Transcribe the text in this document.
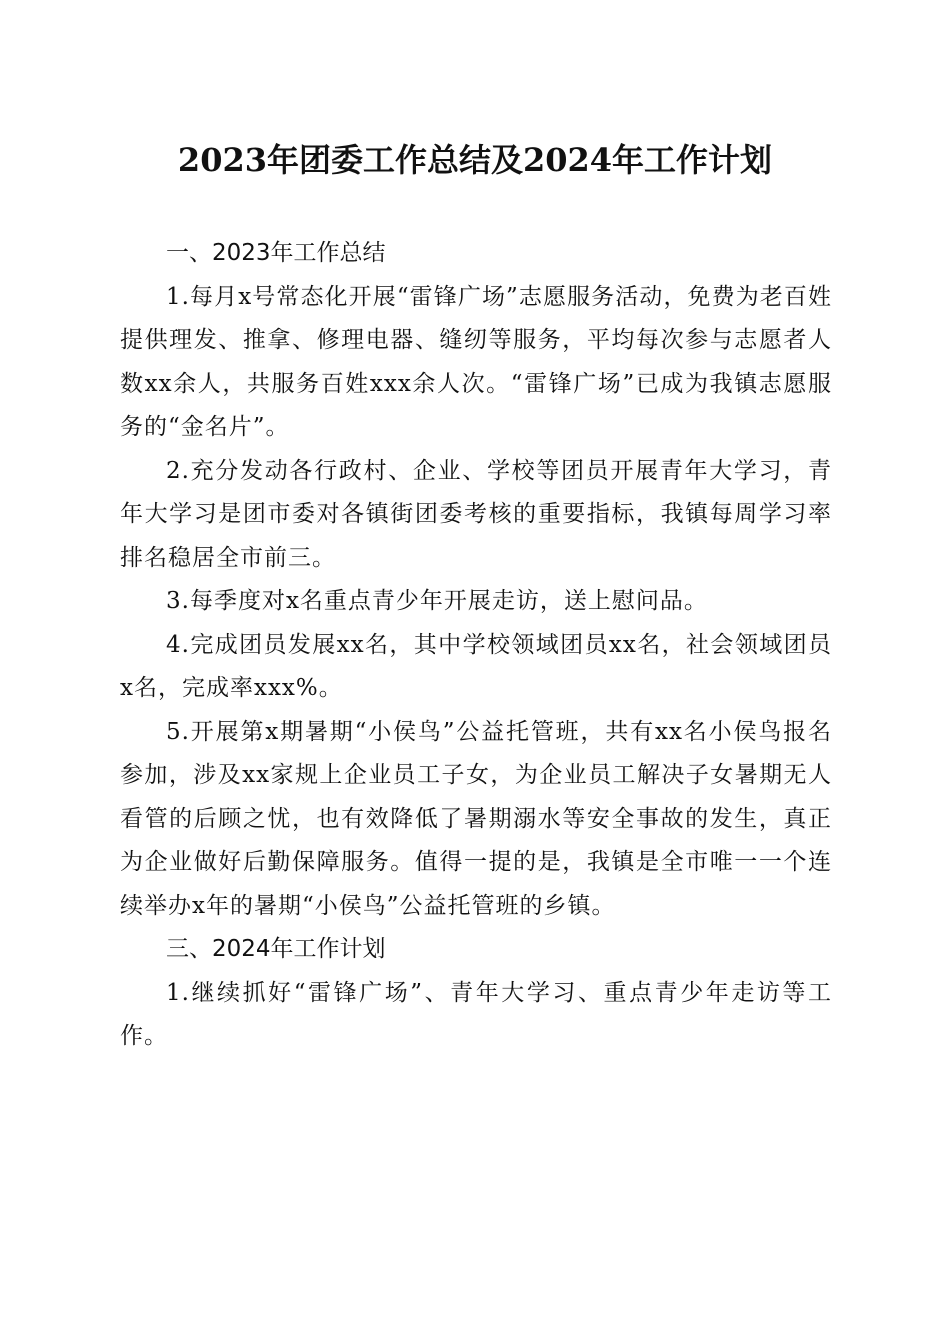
2023年团委工作总结及2024年工作计划

一、2023年工作总结

1.每月x号常态化开展“雷锋广场”志愿服务活动，免费为老百姓提供理发、推拿、修理电器、缝纫等服务，平均每次参与志愿者人数xx余人，共服务百姓xxx余人次。“雷锋广场”已成为我镇志愿服务的“金名片”。

2.充分发动各行政村、企业、学校等团员开展青年大学习，青年大学习是团市委对各镇街团委考核的重要指标，我镇每周学习率排名稳居全市前三。

3.每季度对x名重点青少年开展走访，送上慰问品。

4.完成团员发展xx名，其中学校领域团员xx名，社会领域团员x名，完成率xxx%。

5.开展第x期暑期“小侯鸟”公益托管班，共有xx名小侯鸟报名参加，涉及xx家规上企业员工子女，为企业员工解决子女暑期无人看管的后顾之忧，也有效降低了暑期溺水等安全事故的发生，真正为企业做好后勤保障服务。值得一提的是，我镇是全市唯一一个连续举办x年的暑期“小侯鸟”公益托管班的乡镇。

三、2024年工作计划

1.继续抓好“雷锋广场”、青年大学习、重点青少年走访等工作。
